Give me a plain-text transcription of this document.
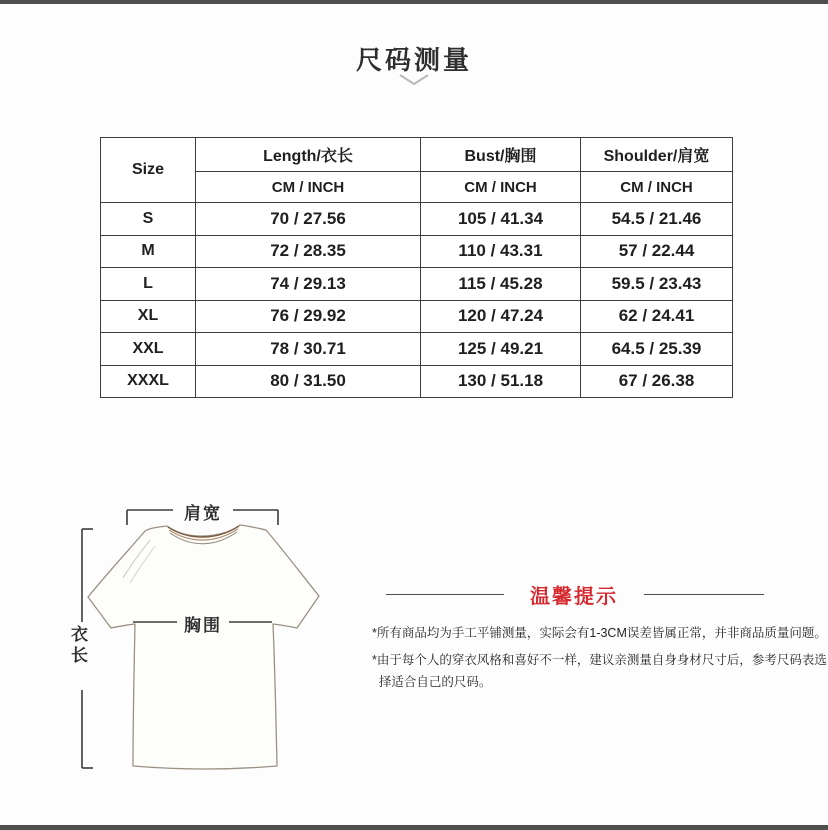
尺码测量
Size	Length/衣长	Bust/胸围	Shoulder/肩宽
	CM / INCH	CM / INCH	CM / INCH
S	70 / 27.56	105 / 41.34	54.5 / 21.46
M	72 / 28.35	110 / 43.31	57 / 22.44
L	74 / 29.13	115 / 45.28	59.5 / 23.43
XL	76 / 29.92	120 / 47.24	62 / 24.41
XXL	78 / 30.71	125 / 49.21	64.5 / 25.39
XXXL	80 / 31.50	130 / 51.18	67 / 26.38
肩宽
胸围
衣长
温馨提示

*所有商品均为手工平铺测量，实际会有1-3CM误差皆属正常，并非商品质量问题。

*由于每个人的穿衣风格和喜好不一样，建议亲测量自身身材尺寸后，参考尺码表选择适合自己的尺码。
